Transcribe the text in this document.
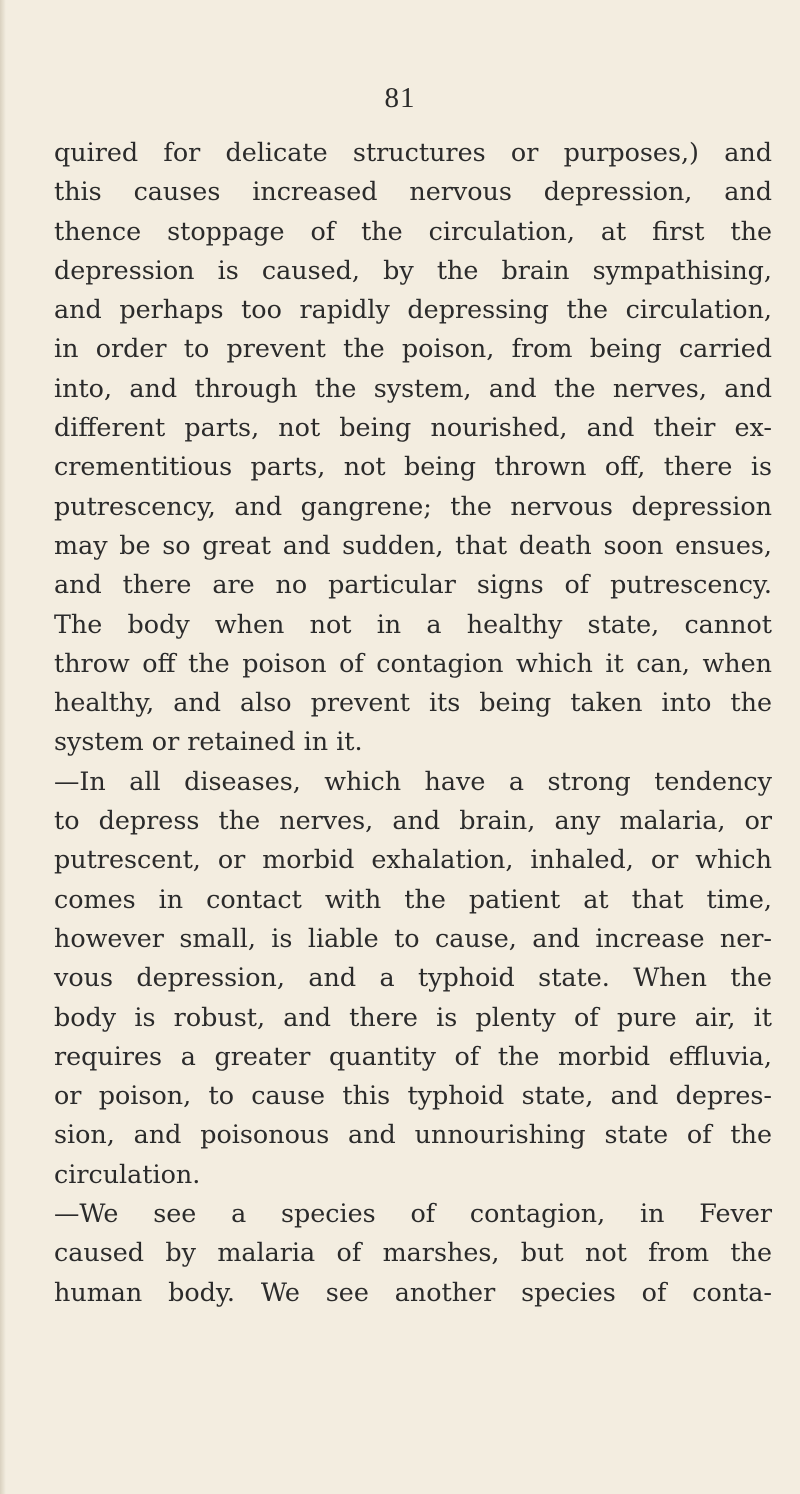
81
quired for delicate structures or purposes,) and
this causes increased nervous depression, and
thence stoppage of the circulation, at first the
depression is caused, by the brain sympathising,
and perhaps too rapidly depressing the circulation,
in order to prevent the poison, from being carried
into, and through the system, and the nerves, and
different parts, not being nourished, and their ex-
crementitious parts, not being thrown off, there is
putrescency, and gangrene; the nervous depression
may be so great and sudden, that death soon ensues,
and there are no particular signs of putrescency.
The body when not in a healthy state, cannot
throw off the poison of contagion which it can, when
healthy, and also prevent its being taken into the
system or retained in it.
—In all diseases, which have a strong tendency
to depress the nerves, and brain, any malaria, or
putrescent, or morbid exhalation, inhaled, or which
comes in contact with the patient at that time,
however small, is liable to cause, and increase ner-
vous depression, and a typhoid state. When the
body is robust, and there is plenty of pure air, it
requires a greater quantity of the morbid effluvia,
or poison, to cause this typhoid state, and depres-
sion, and poisonous and unnourishing state of the
circulation.
—We see a species of contagion, in Fever
caused by malaria of marshes, but not from the
human body. We see another species of conta-
